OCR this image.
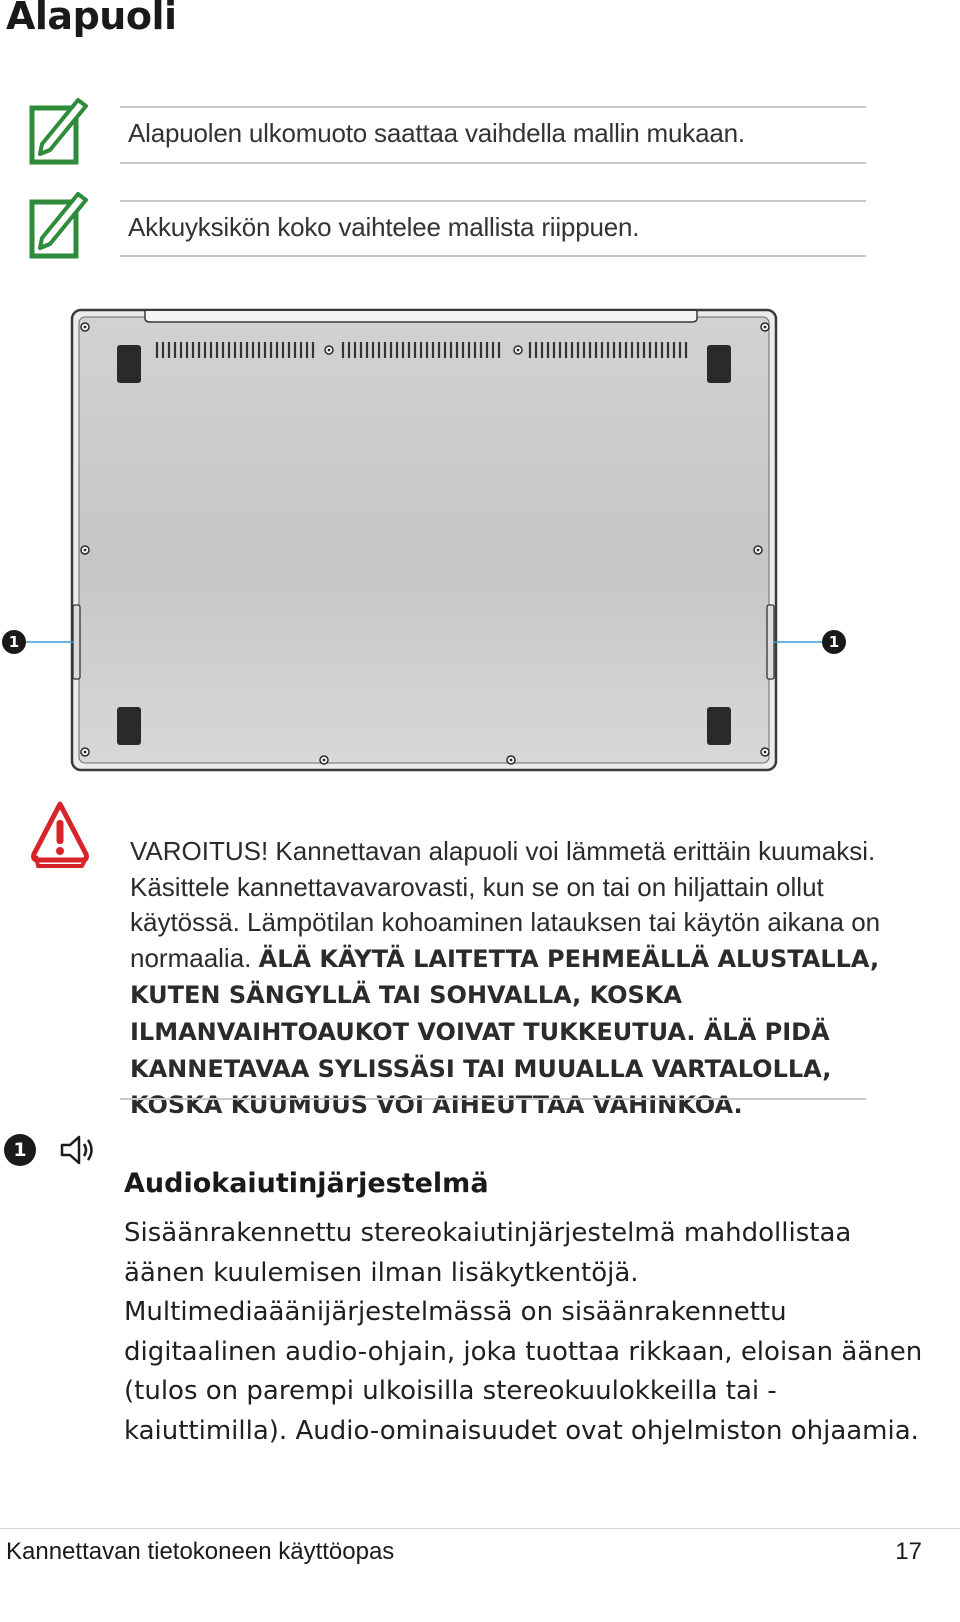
Alapuoli
Alapuolen ulkomuoto saattaa vaihdella mallin mukaan.
Akkuyksikön koko vaihtelee mallista riippuen.
1	1

VAROITUS! Kannettavan alapuoli voi lämmetä erittäin kuumaksi. Käsittele kannettavavarovasti, kun se on tai on hiljattain ollut käytössä. Lämpötilan kohoaminen latauksen tai käytön aikana on normaalia. ÄLÄ KÄYTÄ LAITETTA PEHMEÄLLÄ ALUSTALLA, KUTEN SÄNGYLLÄ TAI SOHVALLA, KOSKA ILMANVAIHTOAUKOT VOIVAT TUKKEUTUA. ÄLÄ PIDÄ KANNETAVAA SYLISSÄSI TAI MUUALLA VARTALOLLA, KOSKA KUUMUUS VOI AIHEUTTAA VAHINKOA.

1
Audiokaiutinjärjestelmä

Sisäänrakennettu stereokaiutinjärjestelmä mahdollistaa äänen kuulemisen ilman lisäkytkentöjä. Multimediaäänijärjestelmässä on sisäänrakennettu digitaalinen audio-ohjain, joka tuottaa rikkaan, eloisan äänen (tulos on parempi ulkoisilla stereokuulokkeilla tai -kaiuttimilla). Audio-ominaisuudet ovat ohjelmiston ohjaamia.

Kannettavan tietokoneen käyttöopas	17
